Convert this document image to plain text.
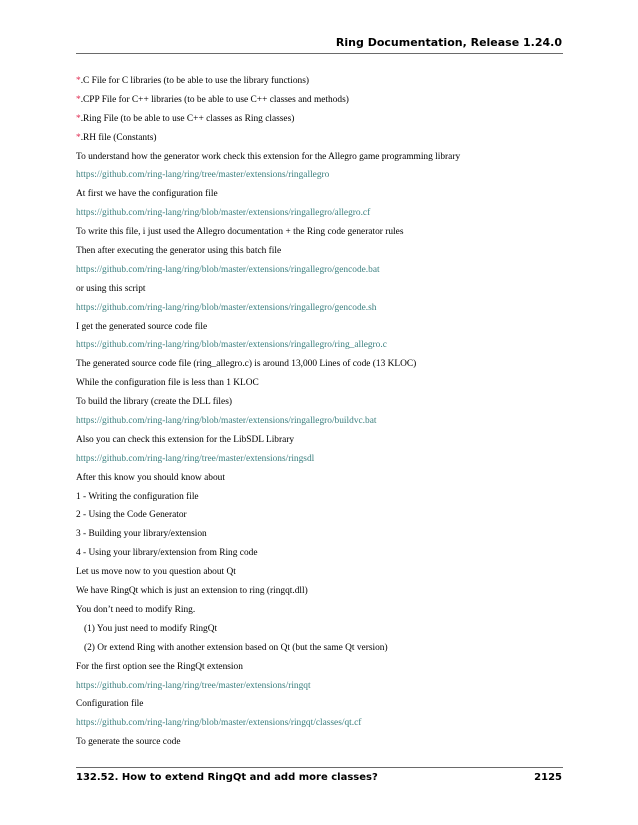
Ring Documentation, Release 1.24.0
*.C File for C libraries (to be able to use the library functions)
*.CPP File for C++ libraries (to be able to use C++ classes and methods)
*.Ring File (to be able to use C++ classes as Ring classes)
*.RH file (Constants)
To understand how the generator work check this extension for the Allegro game programming library
https://github.com/ring-lang/ring/tree/master/extensions/ringallegro
At first we have the configuration file
https://github.com/ring-lang/ring/blob/master/extensions/ringallegro/allegro.cf
To write this file, i just used the Allegro documentation + the Ring code generator rules
Then after executing the generator using this batch file
https://github.com/ring-lang/ring/blob/master/extensions/ringallegro/gencode.bat
or using this script
https://github.com/ring-lang/ring/blob/master/extensions/ringallegro/gencode.sh
I get the generated source code file
https://github.com/ring-lang/ring/blob/master/extensions/ringallegro/ring_allegro.c
The generated source code file (ring_allegro.c) is around 13,000 Lines of code (13 KLOC)
While the configuration file is less than 1 KLOC
To build the library (create the DLL files)
https://github.com/ring-lang/ring/blob/master/extensions/ringallegro/buildvc.bat
Also you can check this extension for the LibSDL Library
https://github.com/ring-lang/ring/tree/master/extensions/ringsdl
After this know you should know about
1 - Writing the configuration file
2 - Using the Code Generator
3 - Building your library/extension
4 - Using your library/extension from Ring code
Let us move now to you question about Qt
We have RingQt which is just an extension to ring (ringqt.dll)
You don’t need to modify Ring.
(1) You just need to modify RingQt
(2) Or extend Ring with another extension based on Qt (but the same Qt version)
For the first option see the RingQt extension
https://github.com/ring-lang/ring/tree/master/extensions/ringqt
Configuration file
https://github.com/ring-lang/ring/blob/master/extensions/ringqt/classes/qt.cf
To generate the source code
132.52. How to extend RingQt and add more classes?	2125
